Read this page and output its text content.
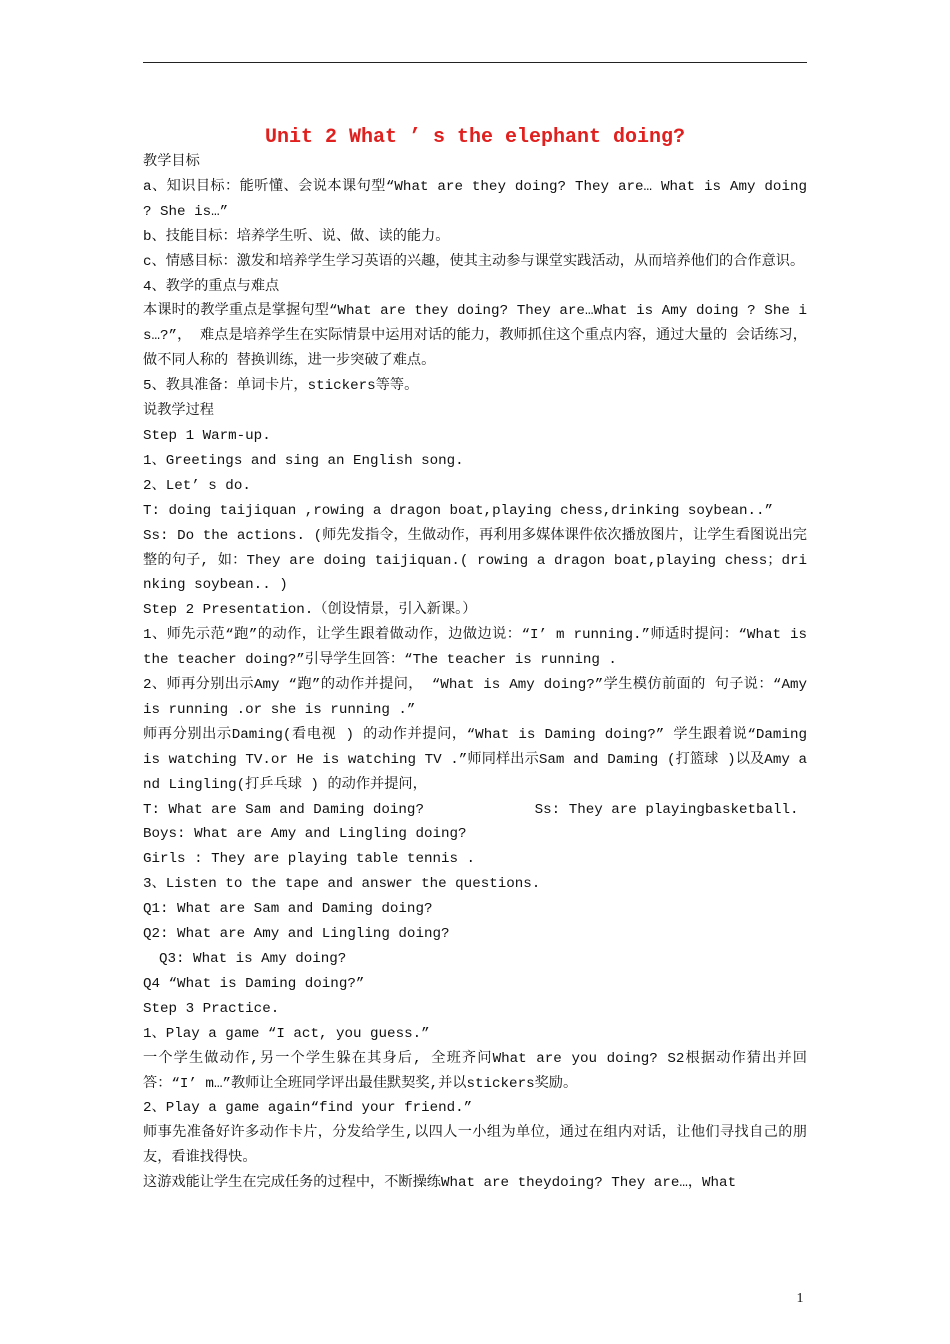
Unit 2 What ’ s the elephant doing?

教学目标

a、知识目标：能听懂、会说本课句型“What are they doing? They are… What is Amy doing ? She is…”

b、技能目标：培养学生听、说、做、读的能力。

c、情感目标：激发和培养学生学习英语的兴趣，使其主动参与课堂实践活动，从而培养他们的合作意识。

4、教学的重点与难点

本课时的教学重点是掌握句型“What are they doing? They are…What is Amy doing ? She is…?”， 难点是培养学生在实际情景中运用对话的能力，教师抓住这个重点内容，通过大量的 会话练习，做不同人称的 替换训练，进一步突破了难点。

5、教具准备：单词卡片，stickers等等。

说教学过程

Step 1 Warm-up.

1、Greetings and sing an English song.

2、Let’ s do.

T: doing taijiquan ,rowing a dragon boat,playing chess,drinking soybean..”

Ss: Do the actions. (师先发指令，生做动作，再利用多媒体课件依次播放图片，让学生看图说出完整的句子, 如：They are doing taijiquan.( rowing a dragon boat,playing chess；drinking soybean.. )

Step 2 Presentation.（创设情景，引入新课。）

1、师先示范“跑”的动作，让学生跟着做动作，边做边说：“I’ m running.”师适时提问：“What is the teacher doing?”引导学生回答：“The teacher is running .

2、师再分别出示Amy “跑”的动作并提问， “What is Amy doing?”学生模仿前面的 句子说：“Amy is running .or she is running .”

师再分别出示Daming(看电视 ) 的动作并提问，“What is Daming doing?” 学生跟着说“Daming is watching TV.or He is watching TV .”师同样出示Sam and Daming (打篮球 )以及Amy and Lingling(打乒乓球 ) 的动作并提问，

T: What are Sam and Daming doing?             Ss: They are playingbasketball.

Boys: What are Amy and Lingling doing?

Girls : They are playing table tennis .

3、Listen to the tape and answer the questions.

Q1: What are Sam and Daming doing?

Q2: What are Amy and Lingling doing?

Q3: What is Amy doing?

Q4 “What is Daming doing?”

Step 3 Practice.

1、Play a game “I act, you guess.”

一个学生做动作,另一个学生躲在其身后, 全班齐问What are you doing? S2根据动作猜出并回答：“I’ m…”教师让全班同学评出最佳默契奖,并以stickers奖励。

2、Play a game again“find your friend.”

师事先准备好许多动作卡片，分发给学生,以四人一小组为单位，通过在组内对话，让他们寻找自己的朋友，看谁找得快。

这游戏能让学生在完成任务的过程中，不断操练What are theydoing? They are…，What

1
